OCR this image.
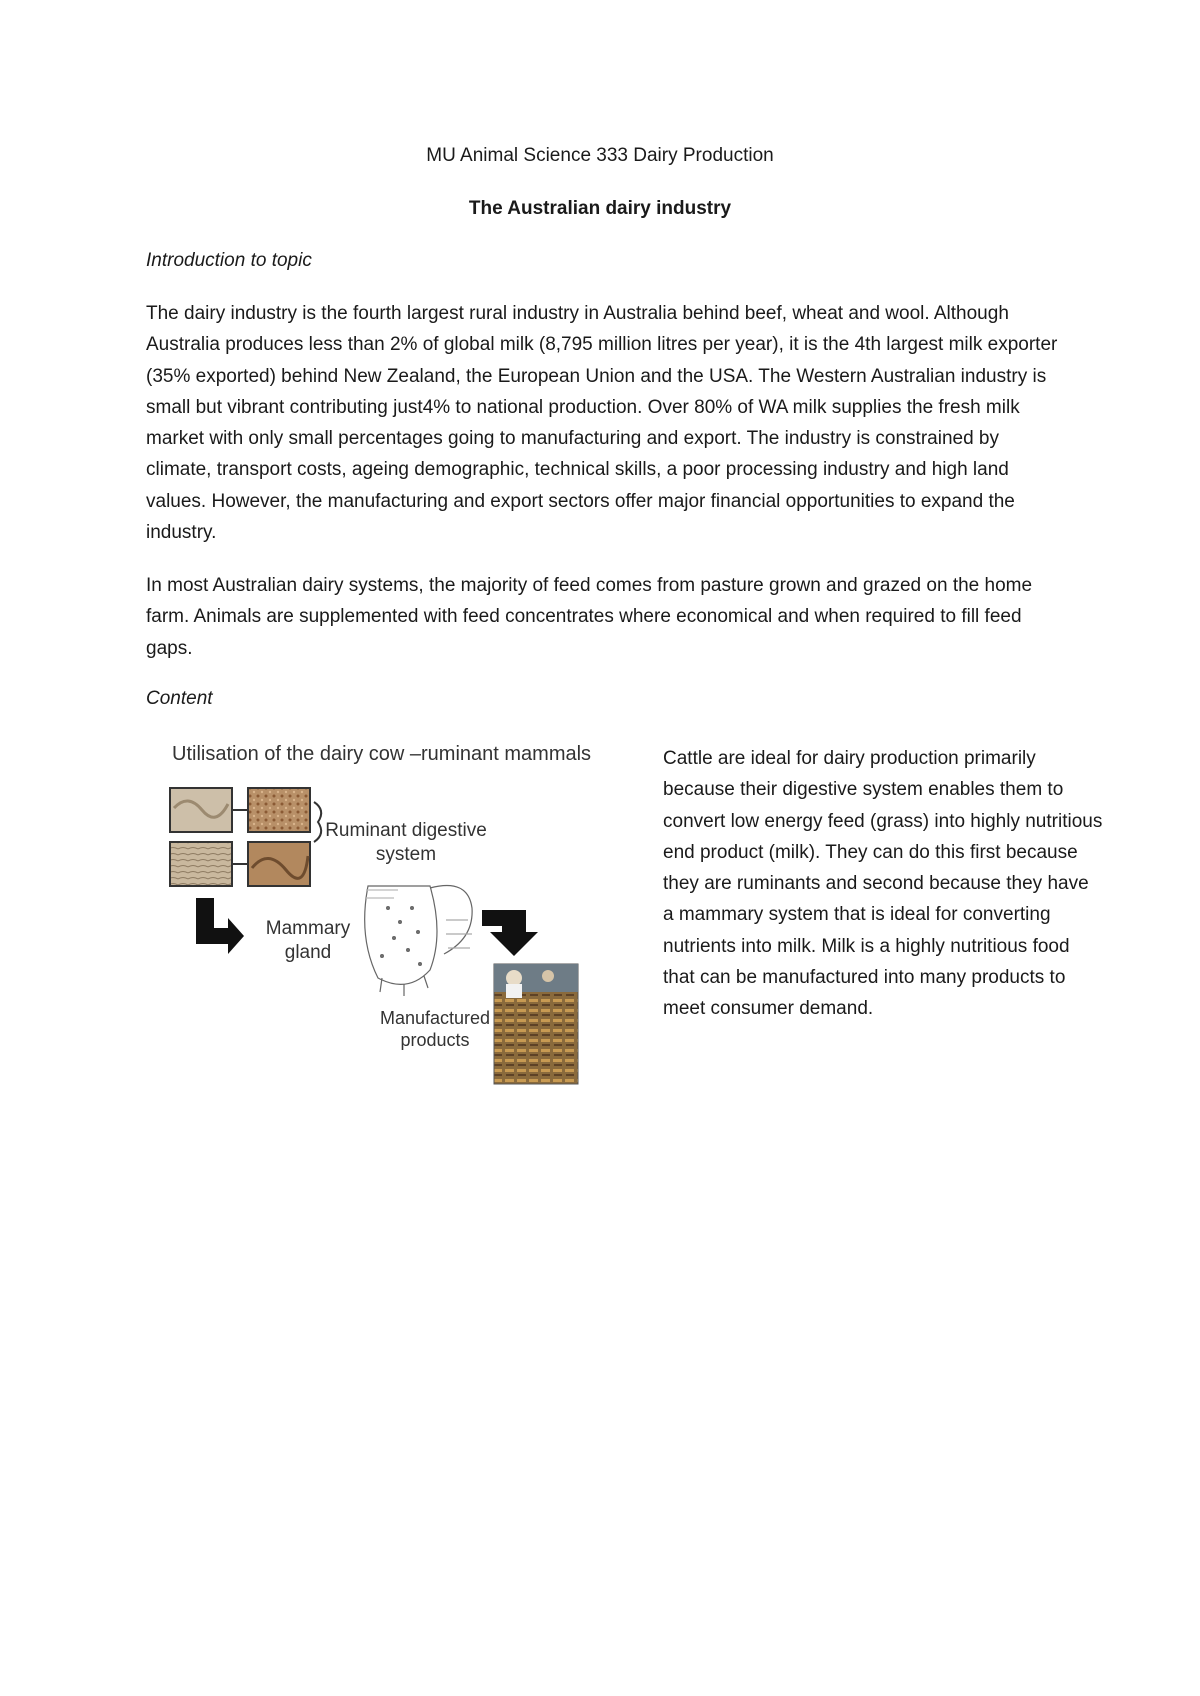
MU Animal Science 333 Dairy Production
The Australian dairy industry
Introduction to topic

The dairy industry is the fourth largest rural industry in Australia behind beef, wheat and wool. Although Australia produces less than 2% of global milk (8,795 million litres per year), it is the 4th largest milk exporter (35% exported) behind New Zealand, the European Union and the USA. The Western Australian industry is small but vibrant contributing just4% to national production. Over 80% of WA milk supplies the fresh milk market with only small percentages going to manufacturing and export. The industry is constrained by climate, transport costs, ageing demographic, technical skills, a poor processing industry and high land values. However, the manufacturing and export sectors offer major financial opportunities to expand the industry.

In most Australian dairy systems, the majority of feed comes from pasture grown and grazed on the home farm. Animals are supplemented with feed concentrates where economical and when required to fill feed gaps.

Content
Utilisation of the dairy cow –ruminant mammals
Ruminant digestive
system
Mammary
gland
Manufactured
products

Cattle are ideal for dairy production primarily because their digestive system enables them to convert low energy feed (grass) into highly nutritious end product (milk). They can do this first because they are ruminants and second because they have a mammary system that is ideal for converting nutrients into milk. Milk is a highly nutritious food that can be manufactured into many products to meet consumer demand.
